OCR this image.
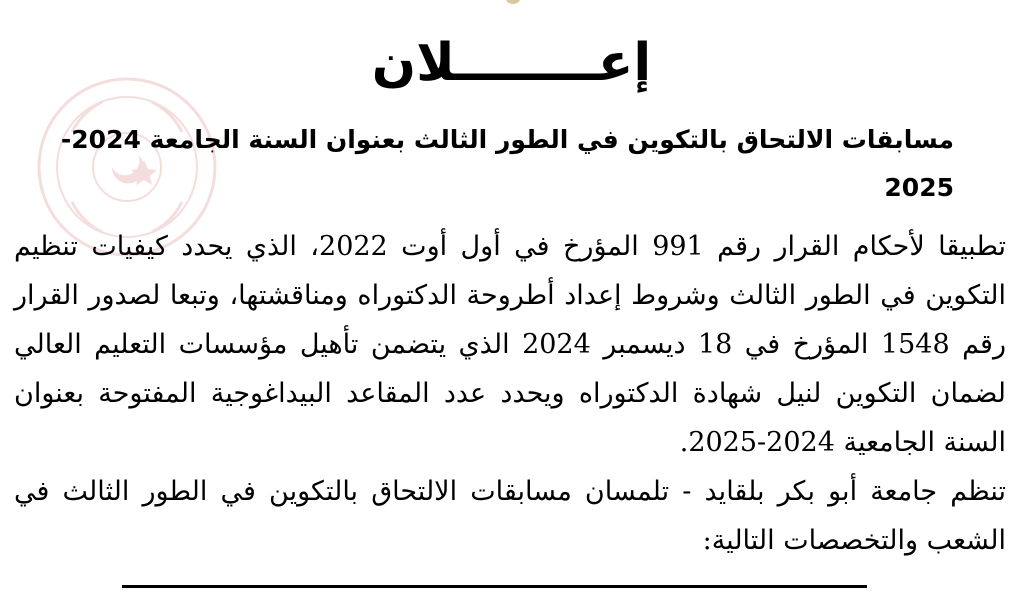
إعــــــــلان
مسابقات الالتحاق بالتكوين في الطور الثالث بعنوان السنة الجامعة 2024-2025

تطبيقا لأحكام القرار رقم 991 المؤرخ في أول أوت 2022، الذي يحدد كيفيات تنظيم التكوين في الطور الثالث وشروط إعداد أطروحة الدكتوراه ومناقشتها، وتبعا لصدور القرار رقم 1548 المؤرخ في 18 ديسمبر 2024 الذي يتضمن تأهيل مؤسسات التعليم العالي لضمان التكوين لنيل شهادة الدكتوراه ويحدد عدد المقاعد البيداغوجية المفتوحة بعنوان السنة الجامعية 2024-2025.

تنظم جامعة أبو بكر بلقايد - تلمسان مسابقات الالتحاق بالتكوين في الطور الثالث في الشعب والتخصصات التالية:
